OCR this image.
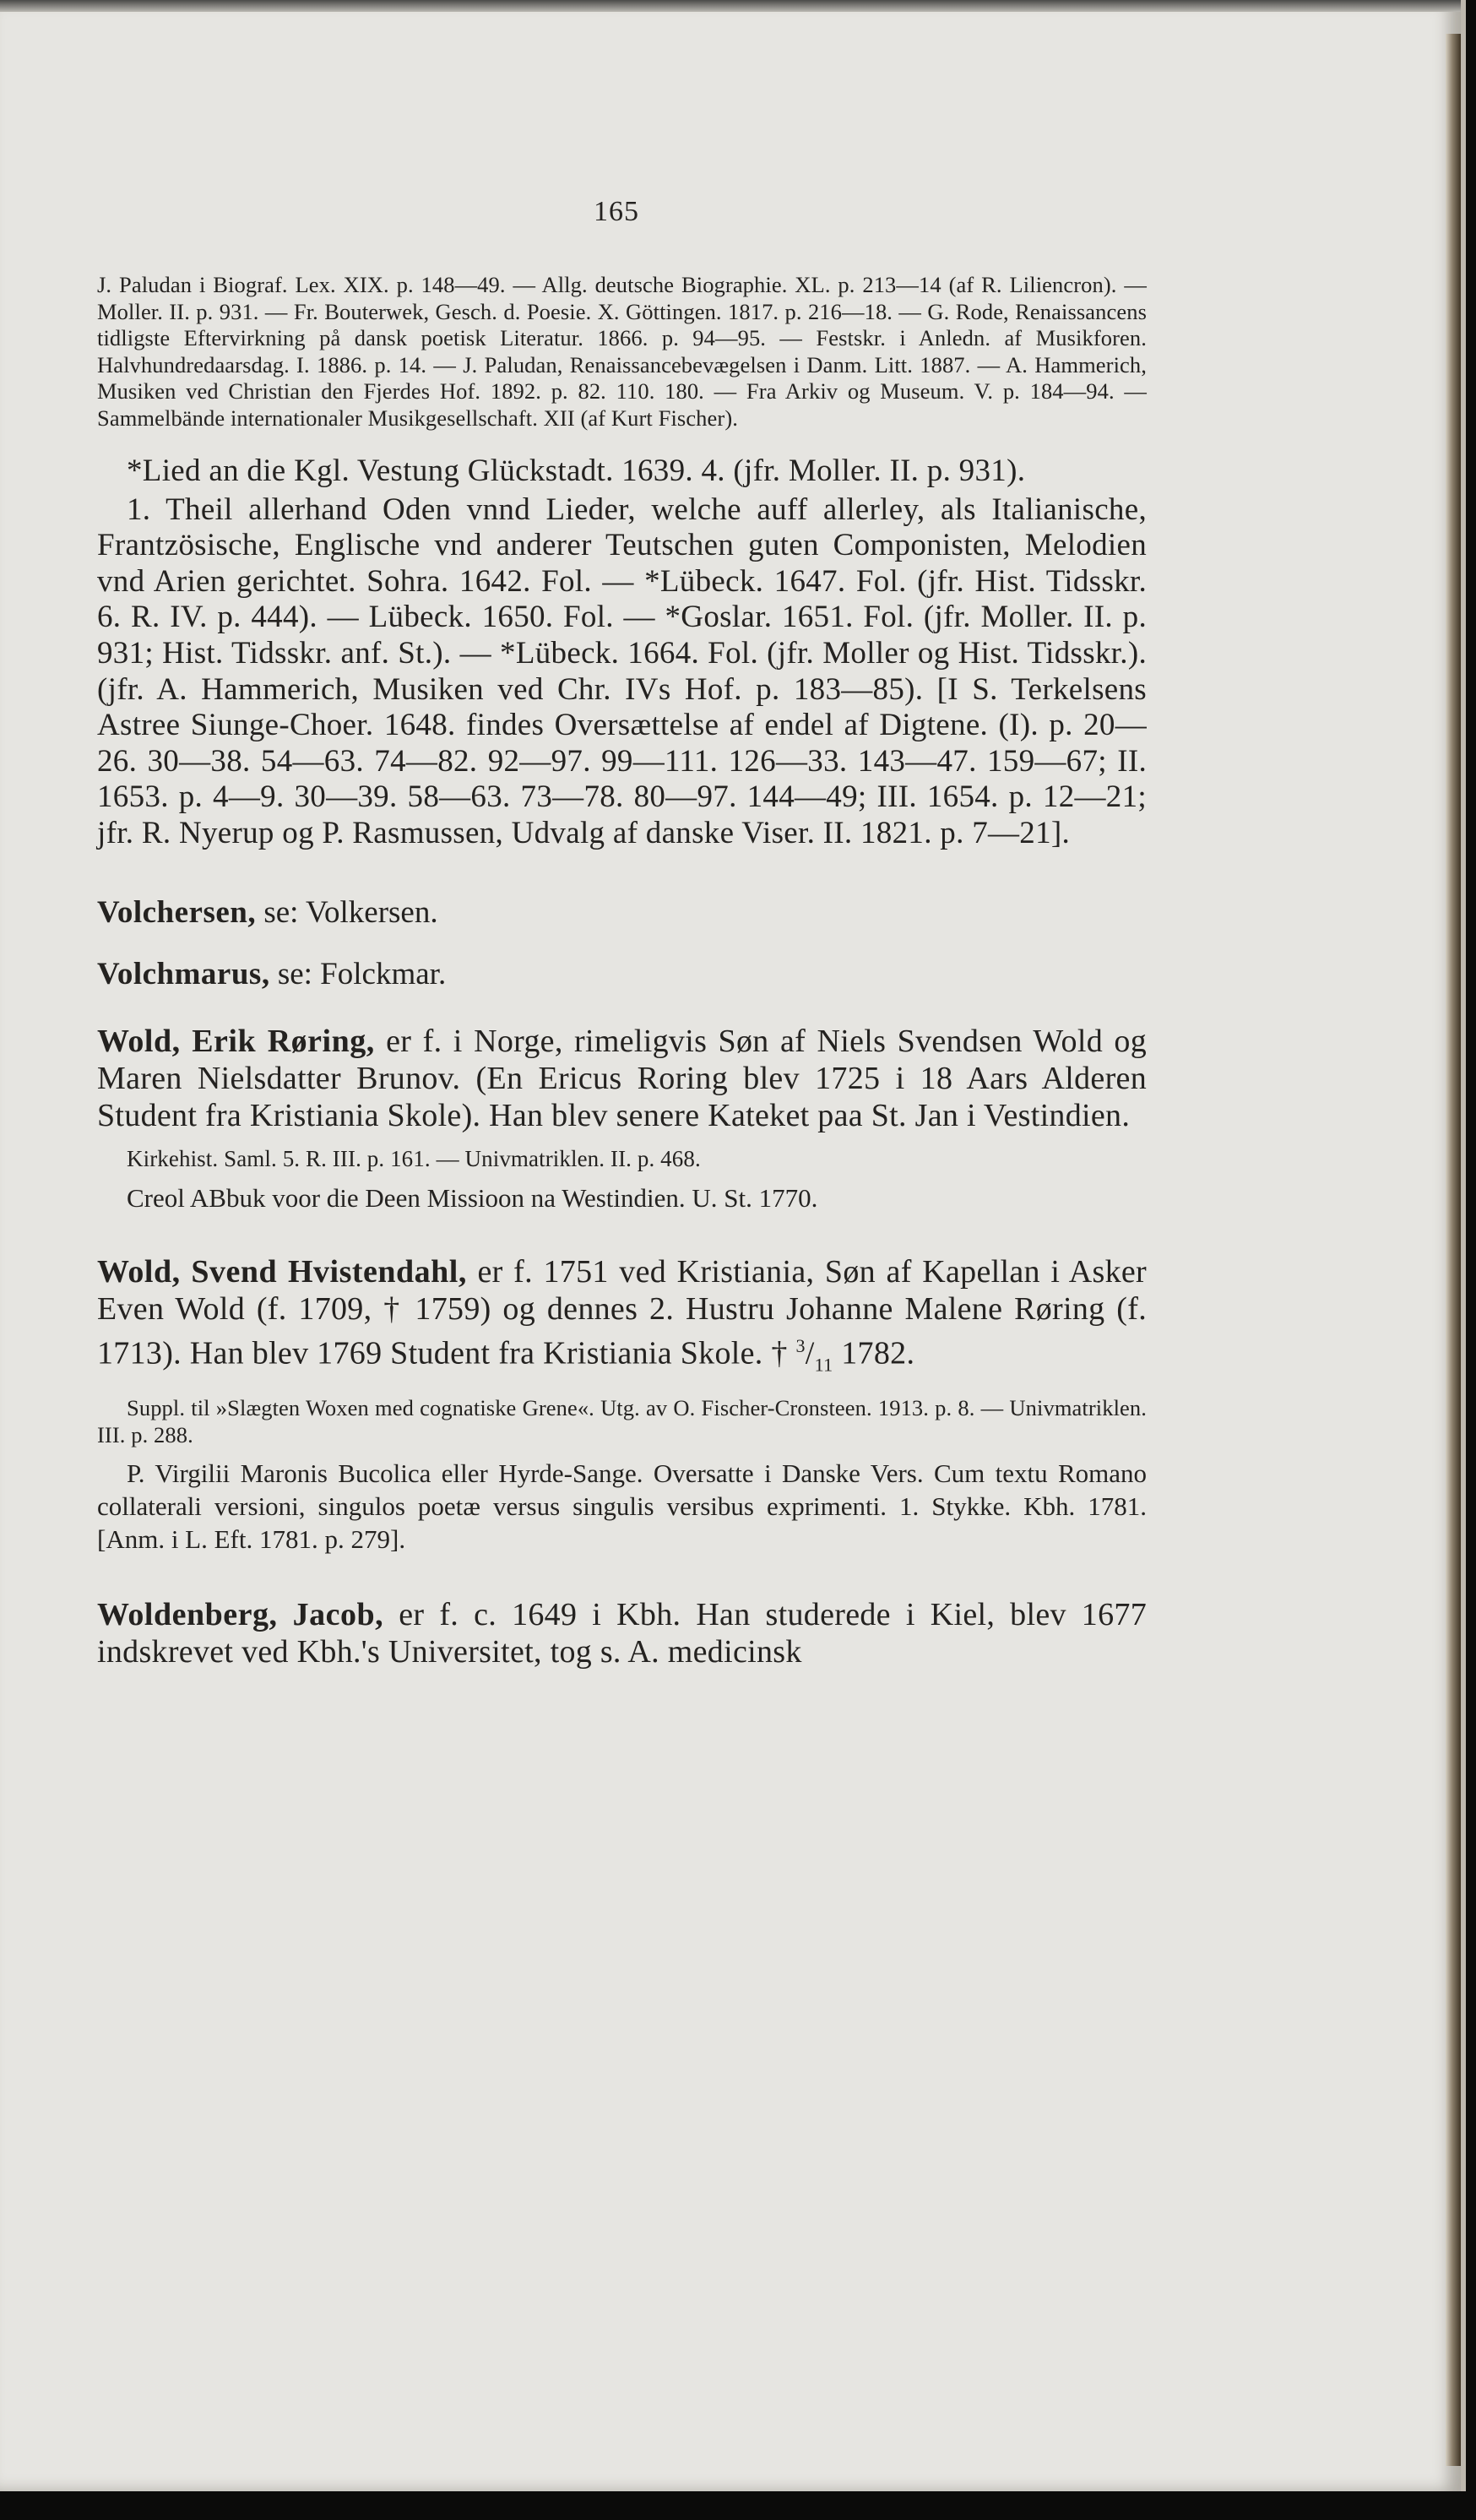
165

J. Paludan i Biograf. Lex. XIX. p. 148—49. — Allg. deutsche Biographie. XL. p. 213—14 (af R. Liliencron). — Moller. II. p. 931. — Fr. Bouterwek, Gesch. d. Poesie. X. Göttingen. 1817. p. 216—18. — G. Rode, Renaissancens tidligste Eftervirkning på dansk poetisk Literatur. 1866. p. 94—95. — Festskr. i Anledn. af Musikforen. Halvhundredaarsdag. I. 1886. p. 14. — J. Paludan, Renaissancebevægelsen i Danm. Litt. 1887. — A. Hammerich, Musiken ved Christian den Fjerdes Hof. 1892. p. 82. 110. 180. — Fra Arkiv og Museum. V. p. 184—94. — Sammelbände internationaler Musikgesellschaft. XII (af Kurt Fischer).

*Lied an die Kgl. Vestung Glückstadt. 1639. 4. (jfr. Moller. II. p. 931).

1. Theil allerhand Oden vnnd Lieder, welche auff allerley, als Italianische, Frantzösische, Englische vnd anderer Teutschen guten Componisten, Melodien vnd Arien gerichtet. Sohra. 1642. Fol. — *Lübeck. 1647. Fol. (jfr. Hist. Tidsskr. 6. R. IV. p. 444). — Lübeck. 1650. Fol. — *Goslar. 1651. Fol. (jfr. Moller. II. p. 931; Hist. Tidsskr. anf. St.). — *Lübeck. 1664. Fol. (jfr. Moller og Hist. Tidsskr.). (jfr. A. Hammerich, Musiken ved Chr. IVs Hof. p. 183—85). [I S. Terkelsens Astree Siunge-Choer. 1648. findes Oversættelse af endel af Digtene. (I). p. 20—26. 30—38. 54—63. 74—82. 92—97. 99—111. 126—33. 143—47. 159—67; II. 1653. p. 4—9. 30—39. 58—63. 73—78. 80—97. 144—49; III. 1654. p. 12—21; jfr. R. Nyerup og P. Rasmussen, Udvalg af danske Viser. II. 1821. p. 7—21].

Volchersen, se: Volkersen.

Volchmarus, se: Folckmar.

Wold, Erik Røring, er f. i Norge, rimeligvis Søn af Niels Svendsen Wold og Maren Nielsdatter Brunov. (En Ericus Roring blev 1725 i 18 Aars Alderen Student fra Kristiania Skole). Han blev senere Kateket paa St. Jan i Vestindien.

Kirkehist. Saml. 5. R. III. p. 161. — Univmatriklen. II. p. 468.

Creol ABbuk voor die Deen Missioon na Westindien. U. St. 1770.

Wold, Svend Hvistendahl, er f. 1751 ved Kristiania, Søn af Kapellan i Asker Even Wold (f. 1709, † 1759) og dennes 2. Hustru Johanne Malene Røring (f. 1713). Han blev 1769 Student fra Kristiania Skole. † $^3/_{11}$ 1782.

Suppl. til »Slægten Woxen med cognatiske Grene«. Utg. av O. Fischer-Cronsteen. 1913. p. 8. — Univmatriklen. III. p. 288.

P. Virgilii Maronis Bucolica eller Hyrde-Sange. Oversatte i Danske Vers. Cum textu Romano collaterali versioni, singulos poetæ versus singulis versibus exprimenti. 1. Stykke. Kbh. 1781. [Anm. i L. Eft. 1781. p. 279].

Woldenberg, Jacob, er f. c. 1649 i Kbh. Han studerede i Kiel, blev 1677 indskrevet ved Kbh.'s Universitet, tog s. A. medicinsk
